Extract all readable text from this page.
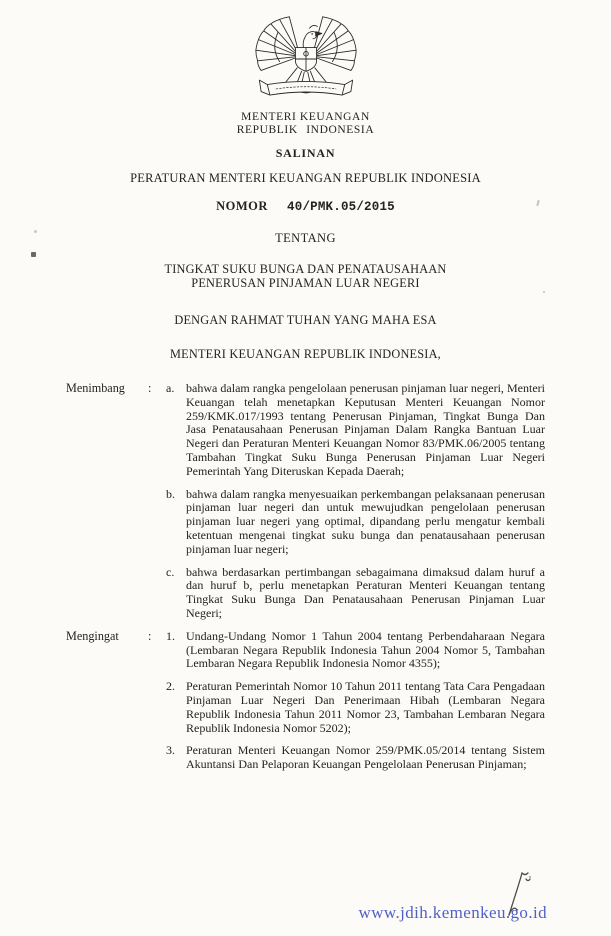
MENTERI KEUANGAN
REPUBLIK INDONESIA
SALINAN
PERATURAN MENTERI KEUANGAN REPUBLIK INDONESIA
NOMOR 40/PMK.05/2015
TENTANG
TINGKAT SUKU BUNGA DAN PENATAUSAHAAN
PENERUSAN PINJAMAN LUAR NEGERI
DENGAN RAHMAT TUHAN YANG MAHA ESA
MENTERI KEUANGAN REPUBLIK INDONESIA,
Menimbang	:	a. bahwa dalam rangka pengelolaan penerusan pinjaman luar negeri, Menteri Keuangan telah menetapkan Keputusan Menteri Keuangan Nomor 259/KMK.017/1993 tentang Penerusan Pinjaman, Tingkat Bunga Dan Jasa Penatausahaan Penerusan Pinjaman Dalam Rangka Bantuan Luar Negeri dan Peraturan Menteri Keuangan Nomor 83/PMK.06/2005 tentang Tambahan Tingkat Suku Bunga Penerusan Pinjaman Luar Negeri Pemerintah Yang Diteruskan Kepada Daerah;
b. bahwa dalam rangka menyesuaikan perkembangan pelaksanaan penerusan pinjaman luar negeri dan untuk mewujudkan pengelolaan penerusan pinjaman luar negeri yang optimal, dipandang perlu mengatur kembali ketentuan mengenai tingkat suku bunga dan penatausahaan penerusan pinjaman luar negeri;
c. bahwa berdasarkan pertimbangan sebagaimana dimaksud dalam huruf a dan huruf b, perlu menetapkan Peraturan Menteri Keuangan tentang Tingkat Suku Bunga Dan Penatausahaan Penerusan Pinjaman Luar Negeri;
Mengingat	:	1. Undang-Undang Nomor 1 Tahun 2004 tentang Perbendaharaan Negara (Lembaran Negara Republik Indonesia Tahun 2004 Nomor 5, Tambahan Lembaran Negara Republik Indonesia Nomor 4355);
2. Peraturan Pemerintah Nomor 10 Tahun 2011 tentang Tata Cara Pengadaan Pinjaman Luar Negeri Dan Penerimaan Hibah (Lembaran Negara Republik Indonesia Tahun 2011 Nomor 23, Tambahan Lembaran Negara Republik Indonesia Nomor 5202);
3. Peraturan Menteri Keuangan Nomor 259/PMK.05/2014 tentang Sistem Akuntansi Dan Pelaporan Keuangan Pengelolaan Penerusan Pinjaman;
www.jdih.kemenkeu.go.id
